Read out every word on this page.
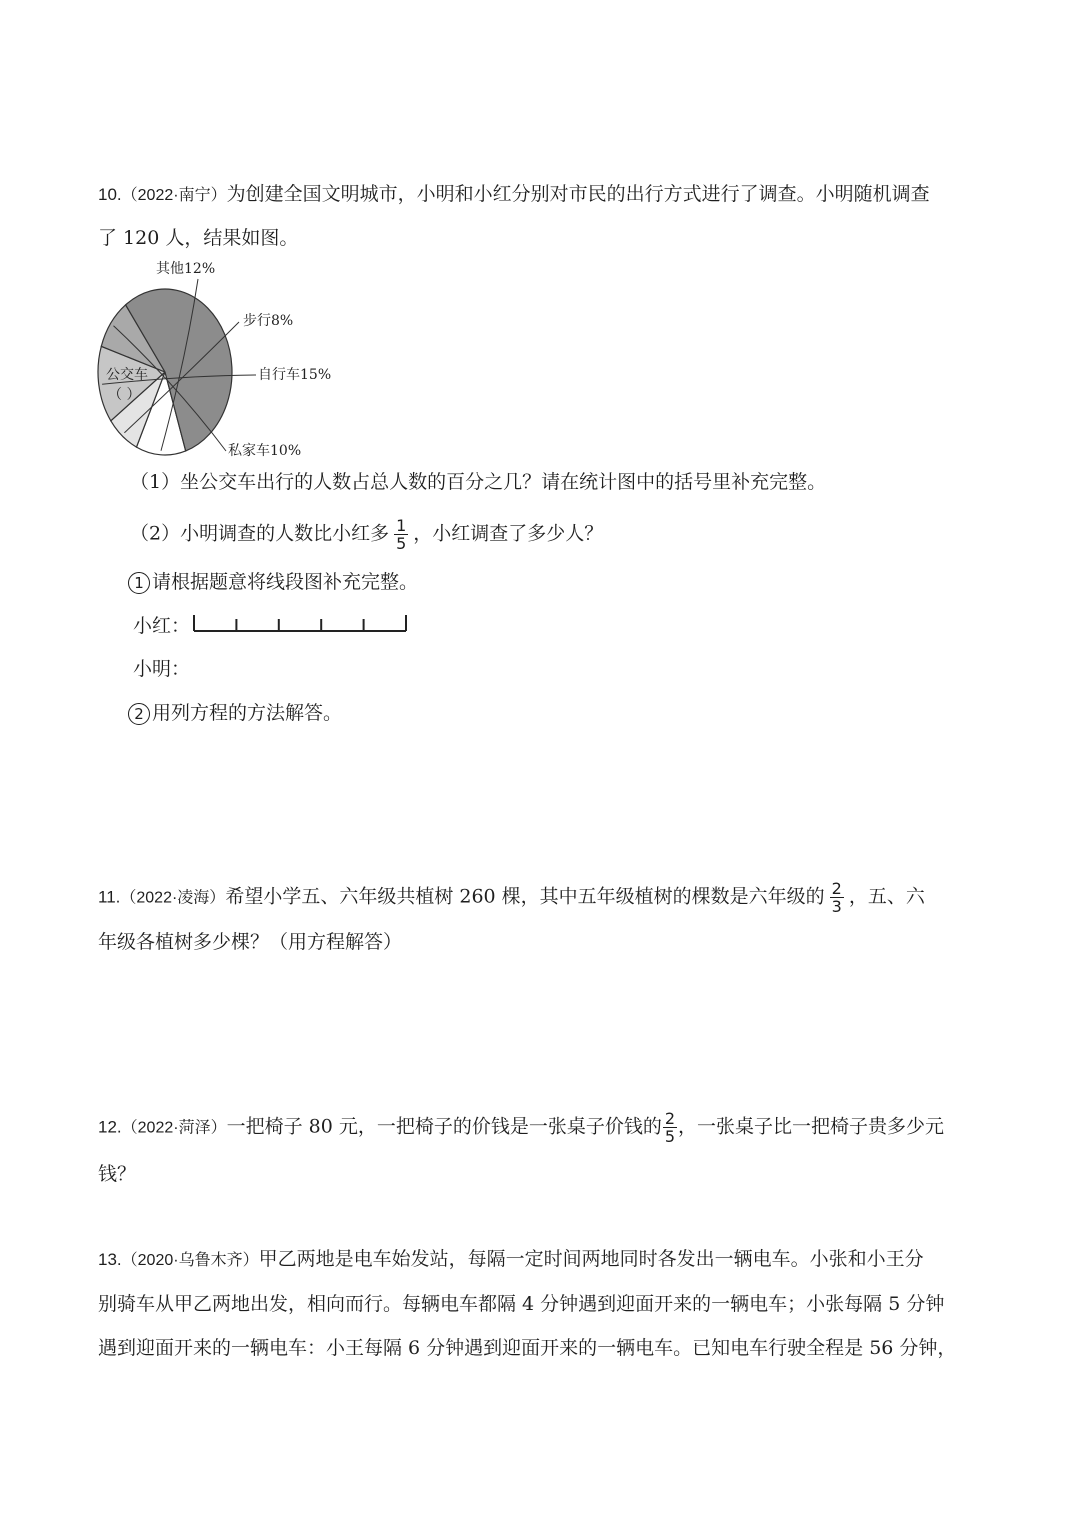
10.（2022·南宁）为创建全国文明城市，小明和小红分别对市民的出行方式进行了调查。小明随机调查
了 120 人，结果如图。
其他12%
步行8%
自行车15%
私家车10%
公交车
（ ）
（1）坐公交车出行的人数占总人数的百分之几？请在统计图中的括号里补充完整。
（2）小明调查的人数比小红多 $\frac{1}{5}$ ，小红调查了多少人？
1 请根据题意将线段图补充完整。
小红：
小明：
2 用列方程的方法解答。
11.（2022·凌海）希望小学五、六年级共植树 260 棵，其中五年级植树的棵数是六年级的 $\frac{2}{3}$ ，五、六
年级各植树多少棵？（用方程解答）
12.（2022·菏泽）一把椅子 80 元，一把椅子的价钱是一张桌子价钱的 $\frac{2}{5}$ ，一张桌子比一把椅子贵多少元
钱？
13.（2020·乌鲁木齐）甲乙两地是电车始发站，每隔一定时间两地同时各发出一辆电车。小张和小王分
别骑车从甲乙两地出发，相向而行。每辆电车都隔 4 分钟遇到迎面开来的一辆电车；小张每隔 5 分钟
遇到迎面开来的一辆电车：小王每隔 6 分钟遇到迎面开来的一辆电车。已知电车行驶全程是 56 分钟，
